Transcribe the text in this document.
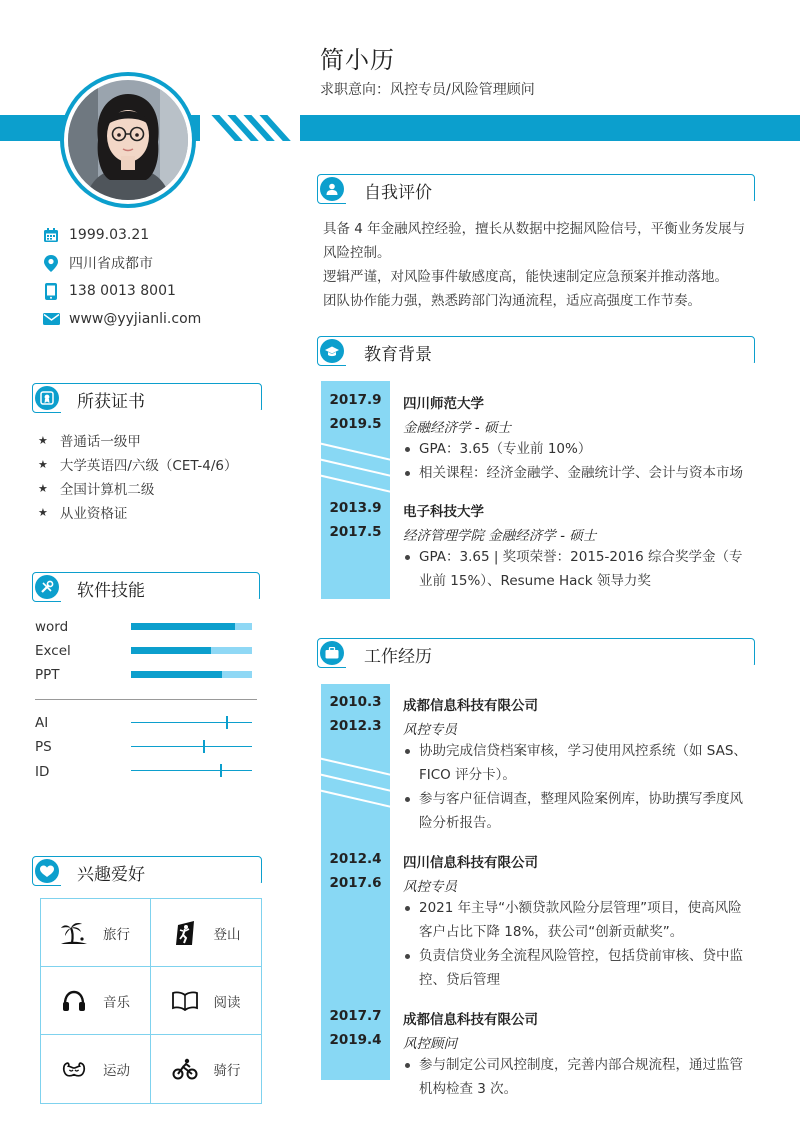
简小历
求职意向：风控专员/风险管理顾问
1999.03.21
四川省成都市
138 0013 8001
www@yyjianli.com
所获证书
★ 普通话一级甲
★ 大学英语四/六级（CET-4/6）
★ 全国计算机二级
★ 从业资格证
软件技能
word
Excel
PPT
AI
PS
ID
兴趣爱好
旅行	登山
音乐	阅读
运动	骑行
自我评价
具备 4 年金融风控经验，擅长从数据中挖掘风险信号，平衡业务发展与风险控制。
逻辑严谨，对风险事件敏感度高，能快速制定应急预案并推动落地。
团队协作能力强，熟悉跨部门沟通流程，适应高强度工作节奏。
教育背景
2017.9
2019.5
四川师范大学
金融经济学 - 硕士
GPA：3.65（专业前 10%）
相关课程：经济金融学、金融统计学、会计与资本市场
2013.9
2017.5
电子科技大学
经济管理学院 金融经济学 - 硕士
GPA：3.65 | 奖项荣誉：2015-2016 综合奖学金（专业前 15%）、Resume Hack 领导力奖
工作经历
2010.3
2012.3
成都信息科技有限公司
风控专员
协助完成信贷档案审核，学习使用风控系统（如 SAS、FICO 评分卡）。
参与客户征信调查，整理风险案例库，协助撰写季度风险分析报告。
2012.4
2017.6
四川信息科技有限公司
风控专员
2021 年主导“小额贷款风险分层管理”项目，使高风险客户占比下降 18%，获公司“创新贡献奖”。
负责信贷业务全流程风险管控，包括贷前审核、贷中监控、贷后管理
2017.7
2019.4
成都信息科技有限公司
风控顾问
参与制定公司风控制度，完善内部合规流程，通过监管机构检查 3 次。
